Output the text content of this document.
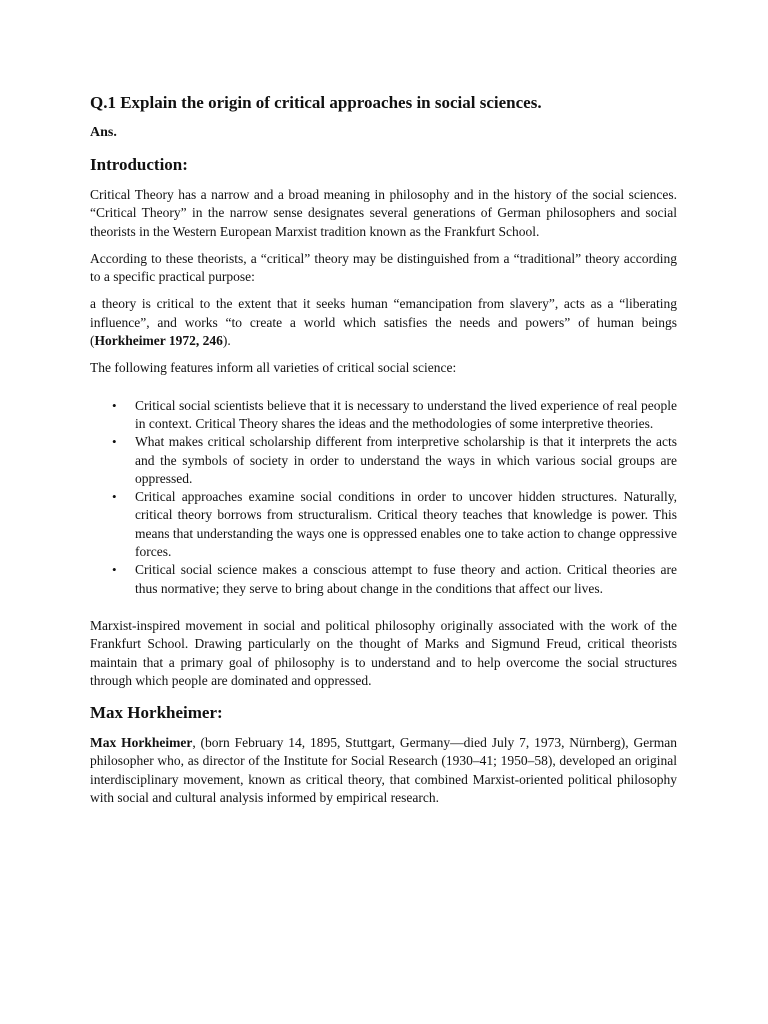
Q.1 Explain the origin of critical approaches in social sciences.
Ans.
Introduction:

Critical Theory has a narrow and a broad meaning in philosophy and in the history of the social sciences. “Critical Theory” in the narrow sense designates several generations of German philosophers and social theorists in the Western European Marxist tradition known as the Frankfurt School.

According to these theorists, a “critical” theory may be distinguished from a “traditional” theory according to a specific practical purpose:

a theory is critical to the extent that it seeks human “emancipation from slavery”, acts as a “liberating influence”, and works “to create a world which satisfies the needs and powers” of human beings (Horkheimer 1972, 246).

The following features inform all varieties of critical social science:

• Critical social scientists believe that it is necessary to understand the lived experience of real people in context. Critical Theory shares the ideas and the methodologies of some interpretive theories.
• What makes critical scholarship different from interpretive scholarship is that it interprets the acts and the symbols of society in order to understand the ways in which various social groups are oppressed.
• Critical approaches examine social conditions in order to uncover hidden structures. Naturally, critical theory borrows from structuralism. Critical theory teaches that knowledge is power. This means that understanding the ways one is oppressed enables one to take action to change oppressive forces.
• Critical social science makes a conscious attempt to fuse theory and action. Critical theories are thus normative; they serve to bring about change in the conditions that affect our lives.

Marxist-inspired movement in social and political philosophy originally associated with the work of the Frankfurt School. Drawing particularly on the thought of Marks and Sigmund Freud, critical theorists maintain that a primary goal of philosophy is to understand and to help overcome the social structures through which people are dominated and oppressed.

Max Horkheimer:

Max Horkheimer, (born February 14, 1895, Stuttgart, Germany—died July 7, 1973, Nürnberg), German philosopher who, as director of the Institute for Social Research (1930–41; 1950–58), developed an original interdisciplinary movement, known as critical theory, that combined Marxist-oriented political philosophy with social and cultural analysis informed by empirical research.
